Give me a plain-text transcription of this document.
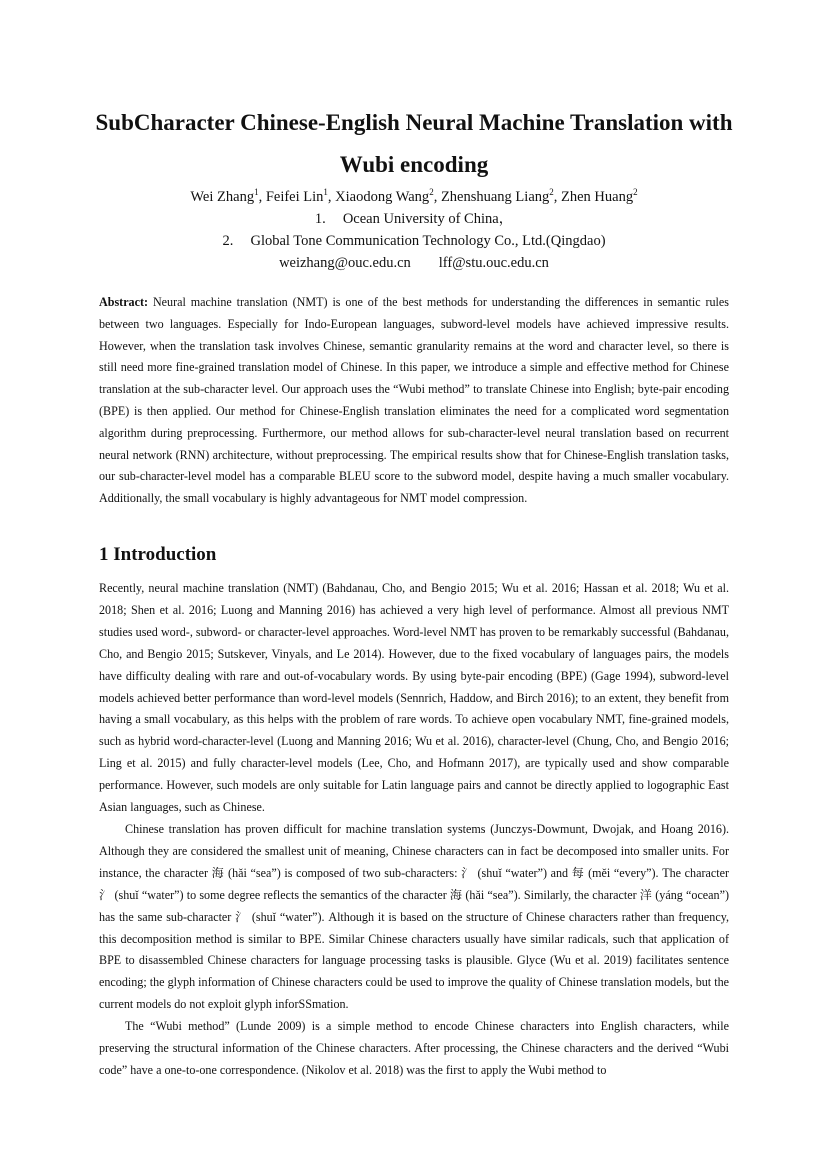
SubCharacter Chinese-English Neural Machine Translation with
Wubi encoding
Wei Zhang$^1$, Feifei Lin$^1$, Xiaodong Wang$^2$, Zhenshuang Liang$^2$, Zhen Huang$^2$
1. Ocean University of China，
2. Global Tone Communication Technology Co., Ltd.(Qingdao)
weizhang@ouc.edu.cn lff@stu.ouc.edu.cn
Abstract: Neural machine translation (NMT) is one of the best methods for understanding the differences in semantic rules between two languages. Especially for Indo-European languages, subword-level models have achieved impressive results. However, when the translation task involves Chinese, semantic granularity remains at the word and character level, so there is still need more fine-grained translation model of Chinese. In this paper, we introduce a simple and effective method for Chinese translation at the sub-character level. Our approach uses the “Wubi method” to translate Chinese into English; byte-pair encoding (BPE) is then applied. Our method for Chinese-English translation eliminates the need for a complicated word segmentation algorithm during preprocessing. Furthermore, our method allows for sub-character-level neural translation based on recurrent neural network (RNN) architecture, without preprocessing. The empirical results show that for Chinese-English translation tasks, our sub-character-level model has a comparable BLEU score to the subword model, despite having a much smaller vocabulary. Additionally, the small vocabulary is highly advantageous for NMT model compression.
1 Introduction

Recently, neural machine translation (NMT) (Bahdanau, Cho, and Bengio 2015; Wu et al. 2016; Hassan et al. 2018; Wu et al. 2018; Shen et al. 2016; Luong and Manning 2016) has achieved a very high level of performance. Almost all previous NMT studies used word-, subword- or character-level approaches. Word-level NMT has proven to be remarkably successful (Bahdanau, Cho, and Bengio 2015; Sutskever, Vinyals, and Le 2014). However, due to the fixed vocabulary of languages pairs, the models have difficulty dealing with rare and out-of-vocabulary words. By using byte-pair encoding (BPE) (Gage 1994), subword-level models achieved better performance than word-level models (Sennrich, Haddow, and Birch 2016); to an extent, they benefit from having a small vocabulary, as this helps with the problem of rare words. To achieve open vocabulary NMT, fine-grained models, such as hybrid word-character-level (Luong and Manning 2016; Wu et al. 2016), character-level (Chung, Cho, and Bengio 2016; Ling et al. 2015) and fully character-level models (Lee, Cho, and Hofmann 2017), are typically used and show comparable performance. However, such models are only suitable for Latin language pairs and cannot be directly applied to logographic East Asian languages, such as Chinese.

Chinese translation has proven difficult for machine translation systems (Junczys-Dowmunt, Dwojak, and Hoang 2016). Although they are considered the smallest unit of meaning, Chinese characters can in fact be decomposed into smaller units. For instance, the character 海 (hǎi “sea”) is composed of two sub-characters: 氵 (shuǐ “water”) and 每 (měi “every”). The character 氵 (shuǐ “water”) to some degree reflects the semantics of the character 海 (hǎi “sea”). Similarly, the character 洋 (yáng “ocean”) has the same sub-character 氵 (shuǐ “water”). Although it is based on the structure of Chinese characters rather than frequency, this decomposition method is similar to BPE. Similar Chinese characters usually have similar radicals, such that application of BPE to disassembled Chinese characters for language processing tasks is plausible. Glyce (Wu et al. 2019) facilitates sentence encoding; the glyph information of Chinese characters could be used to improve the quality of Chinese translation models, but the current models do not exploit glyph inforSSmation.

The “Wubi method” (Lunde 2009) is a simple method to encode Chinese characters into English characters, while preserving the structural information of the Chinese characters. After processing, the Chinese characters and the derived “Wubi code” have a one-to-one correspondence. (Nikolov et al. 2018) was the first to apply the Wubi method to
